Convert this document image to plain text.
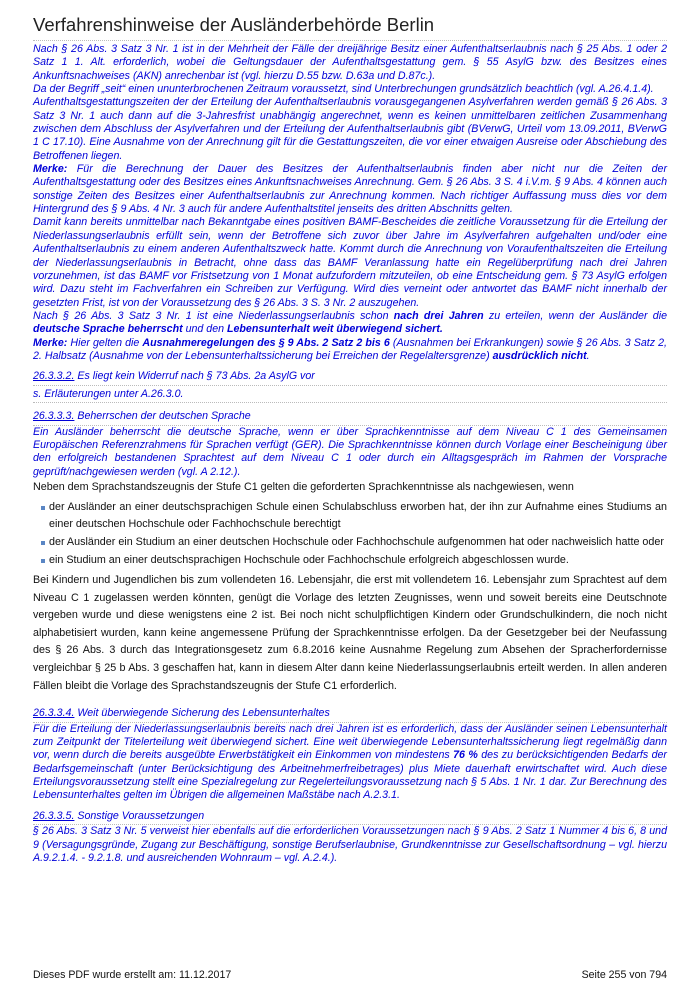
Verfahrenshinweise der Ausländerbehörde Berlin

Nach § 26 Abs. 3 Satz 3 Nr. 1 ist in der Mehrheit der Fälle der dreijährige Besitz einer Aufenthaltserlaubnis nach § 25 Abs. 1 oder 2 Satz 1 1. Alt. erforderlich, wobei die Geltungsdauer der Aufenthaltsgestattung gem. § 55 AsylG bzw. des Besitzes eines Ankunftsnachweises (AKN) anrechenbar ist (vgl. hierzu D.55 bzw. D.63a und D.87c.).

Da der Begriff „seit“ einen ununterbrochenen Zeitraum voraussetzt, sind Unterbrechungen grundsätzlich beachtlich (vgl. A.26.4.1.4).

Aufenthaltsgestattungszeiten der der Erteilung der Aufenthaltserlaubnis vorausgegangenen Asylverfahren werden gemäß § 26 Abs. 3 Satz 3 Nr. 1 auch dann auf die 3-Jahresfrist unabhängig angerechnet, wenn es keinen unmittelbaren zeitlichen Zusammenhang zwischen dem Abschluss der Asylverfahren und der Erteilung der Aufenthaltserlaubnis gibt (BVerwG, Urteil vom 13.09.2011, BVerwG 1 C 17.10). Eine Ausnahme von der Anrechnung gilt für die Gestattungszeiten, die vor einer etwaigen Ausreise oder Abschiebung des Betroffenen liegen.

Merke: Für die Berechnung der Dauer des Besitzes der Aufenthaltserlaubnis finden aber nicht nur die Zeiten der Aufenthaltsgestattung oder des Besitzes eines Ankunftsnachweises Anrechnung. Gem. § 26 Abs. 3 S. 4 i.V.m. § 9 Abs. 4 können auch sonstige Zeiten des Besitzes einer Aufenthaltserlaubnis zur Anrechnung kommen. Nach richtiger Auffassung muss dies vor dem Hintergrund des § 9 Abs. 4 Nr. 3 auch für andere Aufenthaltstitel jenseits des dritten Abschnitts gelten.

Damit kann bereits unmittelbar nach Bekanntgabe eines positiven BAMF-Bescheides die zeitliche Voraussetzung für die Erteilung der Niederlassungserlaubnis erfüllt sein, wenn der Betroffene sich zuvor über Jahre im Asylverfahren aufgehalten und/oder eine Aufenthaltserlaubnis zu einem anderen Aufenthaltszweck hatte. Kommt durch die Anrechnung von Voraufenthaltszeiten die Erteilung der Niederlassungserlaubnis in Betracht, ohne dass das BAMF Veranlassung hatte ein Regelüberprüfung nach drei Jahren vorzunehmen, ist das BAMF vor Fristsetzung von 1 Monat aufzufordern mitzuteilen, ob eine Entscheidung gem. § 73 AsylG erfolgen wird. Dazu steht im Fachverfahren ein Schreiben zur Verfügung. Wird dies verneint oder antwortet das BAMF nicht innerhalb der gesetzten Frist, ist von der Voraussetzung des § 26 Abs. 3 S. 3 Nr. 2 auszugehen.

Nach § 26 Abs. 3 Satz 3 Nr. 1 ist eine Niederlassungserlaubnis schon nach drei Jahren zu erteilen, wenn der Ausländer die deutsche Sprache beherrscht und den Lebensunterhalt weit überwiegend sichert.

Merke: Hier gelten die Ausnahmeregelungen des § 9 Abs. 2 Satz 2 bis 6 (Ausnahmen bei Erkrankungen) sowie § 26 Abs. 3 Satz 2, 2. Halbsatz (Ausnahme von der Lebensunterhaltssicherung bei Erreichen der Regelaltersgrenze) ausdrücklich nicht.

26.3.3.2. Es liegt kein Widerruf nach § 73 Abs. 2a AsylG vor
s. Erläuterungen unter A.26.3.0.
26.3.3.3. Beherrschen der deutschen Sprache

Ein Ausländer beherrscht die deutsche Sprache, wenn er über Sprachkenntnisse auf dem Niveau C 1 des Gemeinsamen Europäischen Referenzrahmens für Sprachen verfügt (GER). Die Sprachkenntnisse können durch Vorlage einer Bescheinigung über den erfolgreich bestandenen Sprachtest auf dem Niveau C 1 oder durch ein Alltagsgespräch im Rahmen der Vorsprache geprüft/nachgewiesen werden (vgl. A 2.12.).

Neben dem Sprachstandszeugnis der Stufe C1 gelten die geforderten Sprachkenntnisse als nachgewiesen, wenn

der Ausländer an einer deutschsprachigen Schule einen Schulabschluss erworben hat, der ihn zur Aufnahme eines Studiums an einer deutschen Hochschule oder Fachhochschule berechtigt
der Ausländer ein Studium an einer deutschen Hochschule oder Fachhochschule aufgenommen hat oder nachweislich hatte oder
ein Studium an einer deutschsprachigen Hochschule oder Fachhochschule erfolgreich abgeschlossen wurde.

Bei Kindern und Jugendlichen bis zum vollendeten 16. Lebensjahr, die erst mit vollendetem 16. Lebensjahr zum Sprachtest auf dem Niveau C 1 zugelassen werden könnten, genügt die Vorlage des letzten Zeugnisses, wenn und soweit bereits eine Deutschnote vergeben wurde und diese wenigstens eine 2 ist. Bei noch nicht schulpflichtigen Kindern oder Grundschulkindern, die noch nicht alphabetisiert wurden, kann keine angemessene Prüfung der Sprachkenntnisse erfolgen. Da der Gesetzgeber bei der Neufassung des § 26 Abs. 3 durch das Integrationsgesetz zum 6.8.2016 keine Ausnahme Regelung zum Absehen der Spracherfordernisse vergleichbar § 25 b Abs. 3 geschaffen hat, kann in diesem Alter dann keine Niederlassungserlaubnis erteilt werden. In allen anderen Fällen bleibt die Vorlage des Sprachstandszeugnis der Stufe C1 erforderlich.

26.3.3.4. Weit überwiegende Sicherung des Lebensunterhaltes

Für die Erteilung der Niederlassungserlaubnis bereits nach drei Jahren ist es erforderlich, dass der Ausländer seinen Lebensunterhalt zum Zeitpunkt der Titelerteilung weit überwiegend sichert. Eine weit überwiegende Lebensunterhaltssicherung liegt regelmäßig dann vor, wenn durch die bereits ausgeübte Erwerbstätigkeit ein Einkommen von mindestens 76 % des zu berücksichtigenden Bedarfs der Bedarfsgemeinschaft (unter Berücksichtigung des Arbeitnehmerfreibetrages) plus Miete dauerhaft erwirtschaftet wird. Auch diese Erteilungsvoraussetzung stellt eine Spezialregelung zur Regelerteilungsvoraussetzung nach § 5 Abs. 1 Nr. 1 dar. Zur Berechnung des Lebensunterhaltes gelten im Übrigen die allgemeinen Maßstäbe nach A.2.3.1.

26.3.3.5. Sonstige Voraussetzungen

§ 26 Abs. 3 Satz 3 Nr. 5 verweist hier ebenfalls auf die erforderlichen Voraussetzungen nach § 9 Abs. 2 Satz 1 Nummer 4 bis 6, 8 und 9 (Versagungsgründe, Zugang zur Beschäftigung, sonstige Berufserlaubnise, Grundkenntnisse zur Gesellschaftsordnung – vgl. hierzu A.9.2.1.4. - 9.2.1.8. und ausreichenden Wohnraum – vgl. A.2.4.).

Dieses PDF wurde erstellt am: 11.12.2017	Seite 255 von 794
